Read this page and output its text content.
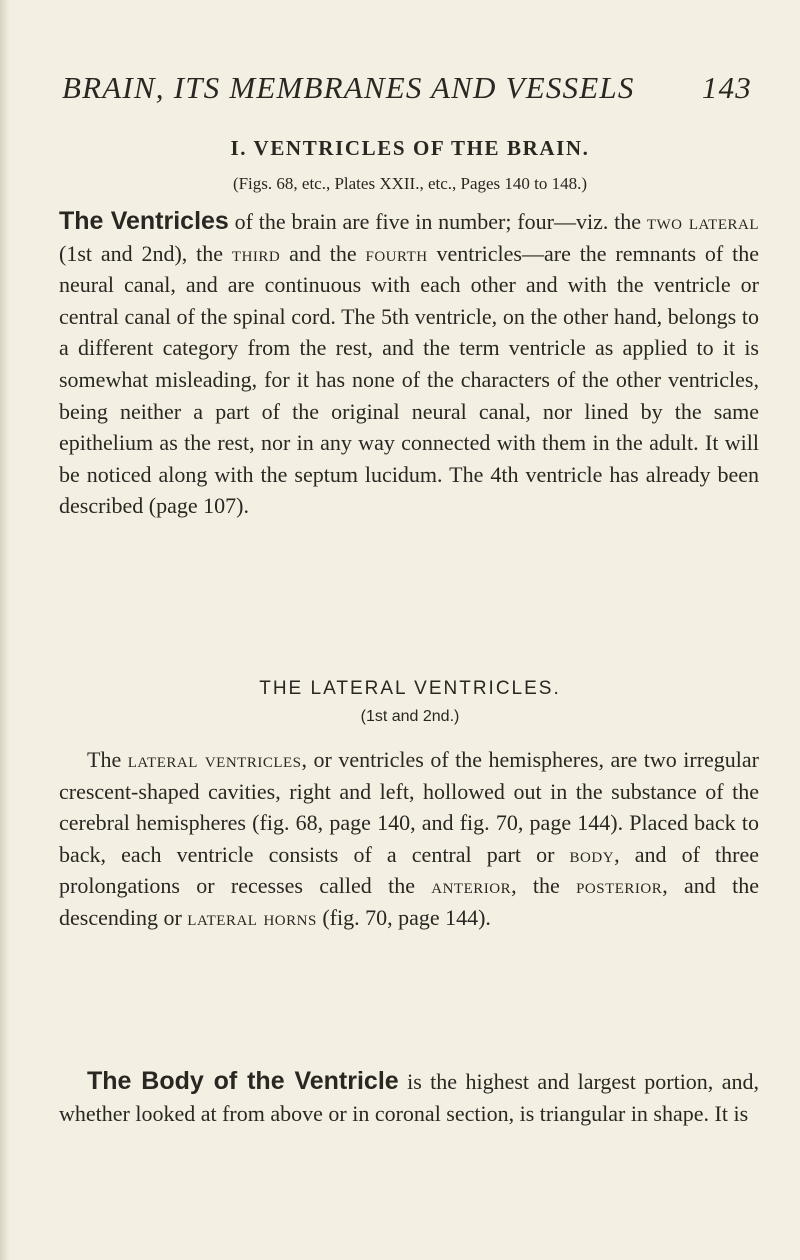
BRAIN, ITS MEMBRANES AND VESSELS 143
I. VENTRICLES OF THE BRAIN.
(Figs. 68, etc., Plates XXII., etc., Pages 140 to 148.)

The Ventricles of the brain are five in number; four—viz. the two lateral (1st and 2nd), the third and the fourth ventricles—are the remnants of the neural canal, and are continuous with each other and with the ventricle or central canal of the spinal cord. The 5th ventricle, on the other hand, belongs to a different category from the rest, and the term ventricle as applied to it is somewhat misleading, for it has none of the characters of the other ventricles, being neither a part of the original neural canal, nor lined by the same epithelium as the rest, nor in any way connected with them in the adult. It will be noticed along with the septum lucidum. The 4th ventricle has already been described (page 107).

THE LATERAL VENTRICLES.
(1st and 2nd.)

The lateral ventricles, or ventricles of the hemispheres, are two irregular crescent-shaped cavities, right and left, hollowed out in the substance of the cerebral hemispheres (fig. 68, page 140, and fig. 70, page 144). Placed back to back, each ventricle consists of a central part or body, and of three prolongations or recesses called the anterior, the posterior, and the descending or lateral horns (fig. 70, page 144).

The Body of the Ventricle is the highest and largest portion, and, whether looked at from above or in coronal section, is triangular in shape. It is
